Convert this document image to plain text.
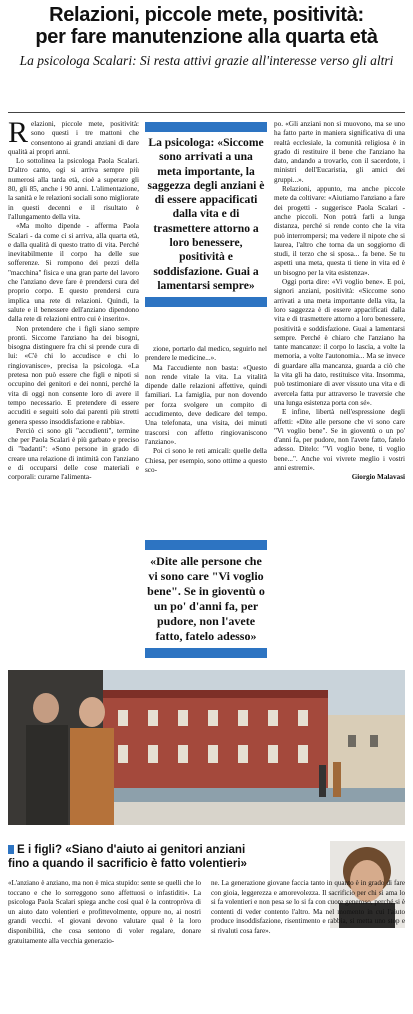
Relazioni, piccole mete, positività:
per fare manutenzione alla quarta età
La psicologa Scalari: Si resta attivi grazie all'interesse verso gli altri

Relazioni, piccole mete, positività: sono questi i tre mattoni che consentono ai grandi anziani di dare qualità ai propri anni.

Lo sottolinea la psicologa Paola Scalari. D'altro canto, ogi si arriva sempre più numerosi alla tarda età, cioè a superare gli 80, gli 85, anche i 90 anni. L'alimentazione, la sanità e le relazioni sociali sono migliorate in questi decenni e il risultato è l'allungamento della vita.

«Ma molto dipende - afferma Paola Scalari - da come ci si arriva, alla quarta età, e dalla qualità di questo tratto di vita. Perché inevitabilmente il corpo ha delle sue sofferenze. Si rompono dei pezzi della "macchina" fisica e una gran parte del lavoro che l'anziano deve fare è prendersi cura del proprio corpo. E questo prendersi cura implica una rete di relazioni. Quindi, la salute e il benessere dell'anziano dipendono dalla rete di relazioni entro cui è inserito».

Non pretendere che i figli siano sempre pronti. Siccome l'anziano ha dei bisogni, bisogna distinguere fra chi si prende cura di lui: «C'è chi lo accudisce e chi lo ringiovanisce», precisa la psicologa. «La pretesa non può essere che figli e nipoti si occupino dei genitori e dei nonni, perché la vita di oggi non consente loro di avere il tempo necessario. E pretendere di essere accuditi e seguiti solo dai parenti più stretti genera spesso insoddisfazione e rabbia».

Perciò ci sono gli "accudienti", termine che per Paola Scalari è più garbato e preciso di "badanti": «Sono persone in grado di creare una relazione di intimità con l'anziano e di occuparsi delle cose materiali e corporali: curarne l'alimenta-

La psicologa: «Siccome sono arrivati a una meta importante, la saggezza degli anziani è di essere appacificati dalla vita e di trasmettere attorno a loro benessere, positività e soddisfazione. Guai a lamentarsi sempre»

zione, portarlo dal medico, seguirlo nel prendere le medicine...».

Ma l'accudiente non basta: «Questo non rende vitale la vita. La vitalità dipende dalle relazioni affettive, quindi familiari. La famiglia, pur non dovendo per forza svolgere un compito di accudimento, deve dedicare del tempo. Una telefonata, una visita, dei minuti trascorsi con affetto ringiovaniscono l'anziano».

Poi ci sono le reti amicali: quelle della Chiesa, per esempio, sono ottime a questo sco-

«Dite alle persone che vi sono care "Vi voglio bene". Se in gioventù o un po' d'anni fa, per pudore, non l'avete fatto, fatelo adesso»

po. «Gli anziani non si muovono, ma se uno ha fatto parte in maniera significativa di una realtà ecclesiale, la comunità religiosa è in grado di restituire il bene che l'anziano ha dato, andando a trovarlo, con il sacerdote, i ministri dell'Eucaristia, gli amici dei gruppi...».

Relazioni, appunto, ma anche piccole mete da coltivare: «Aiutiamo l'anziano a fare dei progetti - suggerisce Paola Scalari - anche piccoli. Non potrà farli a lunga distanza, perché si rende conto che la vita può interrompersi; ma vedere il nipote che si laurea, l'altro che torna da un soggiorno di studi, il terzo che si sposa... fa bene. Se tu aspetti una meta, questa ti tiene in vita ed è un bisogno per la vita esistenza».

Oggi porta dire: «Vi voglio bene». E poi, signori anziani, positività: «Siccome sono arrivati a una meta importante della vita, la loro saggezza è di essere appacificati dalla vita e di trasmettere attorno a loro benessere, positività e soddisfazione. Guai a lamentarsi sempre. Perché è chiaro che l'anziano ha tante mancanze: il corpo lo lascia, a volte la memoria, a volte l'autonomia... Ma se invece di guardare alla mancanza, guarda a ciò che la vita gli ha dato, restituisce vita. Insomma, può testimoniare di aver vissuto una vita e di avercela fatta pur attraverso le traversie che una lunga esistenza porta con sé».

E infine, libertà nell'espressione degli affetti: «Dite alle persone che vi sono care "Vi voglio bene". Se in gioventù o un po' d'anni fa, per pudore, non l'avete fatto, fatelo adesso. Ditelo: "Vi voglio bene, ti voglio bene...". Anche voi vivrete meglio i vostri anni estremi».

Giorgio Malavasi

E i figli? «Siano d'aiuto ai genitori anziani
fino a quando il sacrificio è fatto volentieri»
«L'anziano è anziano, ma non è mica stupido: sente se quelli che lo toccano e che lo sorreggono sono affettuosi o infastiditi». La psicologa Paola Scalari spiega anche così qual è la contropròva di un aiuto dato volentieri e profittevolmente, oppure no, ai nostri grandi vecchi. «I giovani devono valutare qual è la loro disponibilità, che cosa sentono di voler regalare, donare gratuitamente alla vecchia generazio-
ne. La generazione giovane faccia tanto in quanto è in grado di fare con gioia, leggerezza e amorevolezza. Il sacrificio per chi si ama lo si fa volentieri e non pesa se lo si fa con cuore generoso, perché si è contenti di veder contento l'altro. Ma nel momento in cui l'aiuto produce insoddisfazione, risentimento e rabbia, si metta uno stop e si rivaluti cosa fare».
